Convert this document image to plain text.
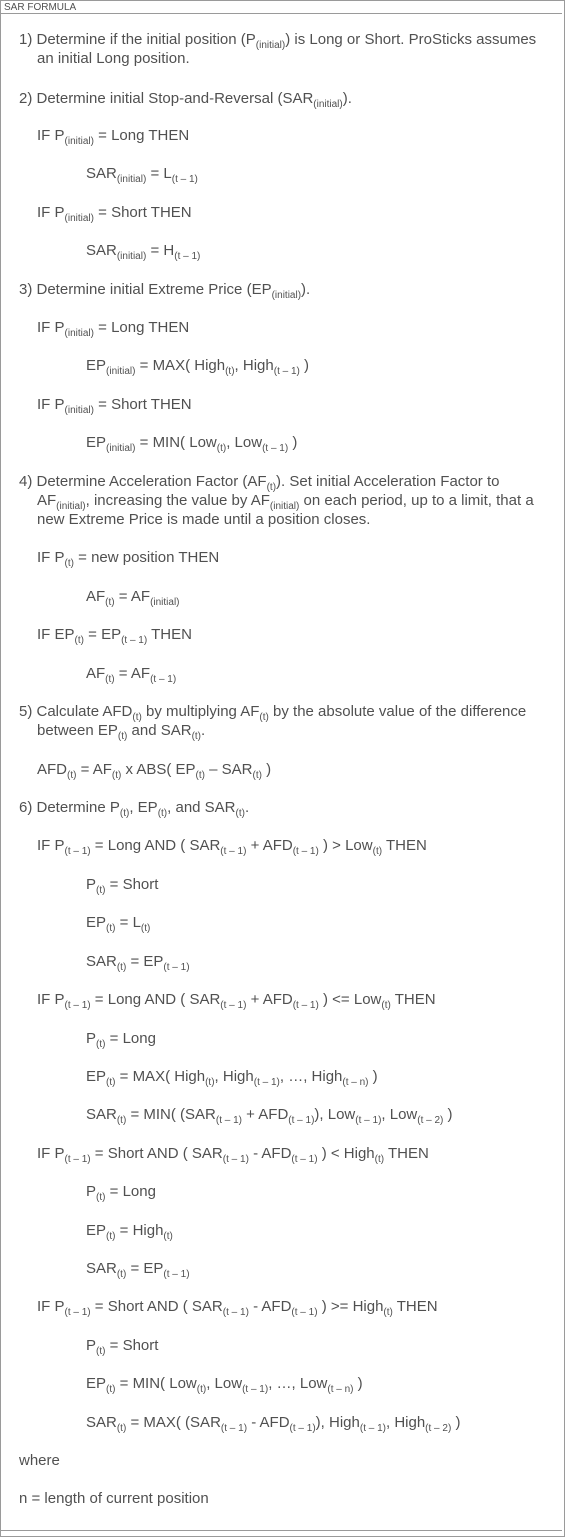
SAR FORMULA
1) Determine if the initial position $(P_{(initial)})$ is Long or Short. ProSticks assumes an initial Long position.
2) Determine initial Stop-and-Reversal $(SAR_{(initial)})$.
IF $P_{(initial)}$ = Long THEN
$SAR_{(initial)} = L_{(t - 1)}$
IF $P_{(initial)}$ = Short THEN
$SAR_{(initial)} = H_{(t - 1)}$
3) Determine initial Extreme Price $(EP_{(initial)})$.
IF $P_{(initial)}$ = Long THEN
$EP_{(initial)} = MAX$( High$_{(t)}$, High$_{(t - 1)}$ )
IF $P_{(initial)}$ = Short THEN
$EP_{(initial)} = MIN$( Low$_{(t)}$, Low$_{(t - 1)}$ )
4) Determine Acceleration Factor $(AF_{(t)})$. Set initial Acceleration Factor to $AF_{(initial)}$, increasing the value by $AF_{(initial)}$ on each period, up to a limit, that a new Extreme Price is made until a position closes.
IF $P_{(t)}$ = new position THEN
$AF_{(t)} = AF_{(initial)}$
IF $EP_{(t)} = EP_{(t - 1)}$ THEN
$AF_{(t)} = AF_{(t - 1)}$
5) Calculate $AFD_{(t)}$ by multiplying $AF_{(t)}$ by the absolute value of the difference between $EP_{(t)}$ and $SAR_{(t)}$.
$AFD_{(t)} = AF_{(t)}$ x ABS( $EP_{(t)} - SAR_{(t)}$ )
6) Determine $P_{(t)}$, $EP_{(t)}$, and $SAR_{(t)}$.
IF $P_{(t - 1)}$ = Long AND ( $SAR_{(t - 1)} + AFD_{(t - 1)}$ ) > Low$_{(t)}$ THEN
$P_{(t)}$ = Short
$EP_{(t)} = L_{(t)}$
$SAR_{(t)} = EP_{(t - 1)}$
IF $P_{(t - 1)}$ = Long AND ( $SAR_{(t - 1)} + AFD_{(t - 1)}$ ) <= Low$_{(t)}$ THEN
$P_{(t)}$ = Long
$EP_{(t)} = MAX$( High$_{(t)}$, High$_{(t - 1)}$, …, High$_{(t - n)}$ )
$SAR_{(t)} = MIN$( $(SAR_{(t - 1)} + AFD_{(t - 1)})$, Low$_{(t - 1)}$, Low$_{(t - 2)}$ )
IF $P_{(t - 1)}$ = Short AND ( $SAR_{(t - 1)} - AFD_{(t - 1)}$ ) < High$_{(t)}$ THEN
$P_{(t)}$ = Long
$EP_{(t)}$ = High$_{(t)}$
$SAR_{(t)} = EP_{(t - 1)}$
IF $P_{(t - 1)}$ = Short AND ( $SAR_{(t - 1)} - AFD_{(t - 1)}$ ) >= High$_{(t)}$ THEN
$P_{(t)}$ = Short
$EP_{(t)} = MIN$( Low$_{(t)}$, Low$_{(t - 1)}$, …, Low$_{(t - n)}$ )
$SAR_{(t)} = MAX$( $(SAR_{(t - 1)} - AFD_{(t - 1)})$, High$_{(t - 1)}$, High$_{(t - 2)}$ )
where
n = length of current position
